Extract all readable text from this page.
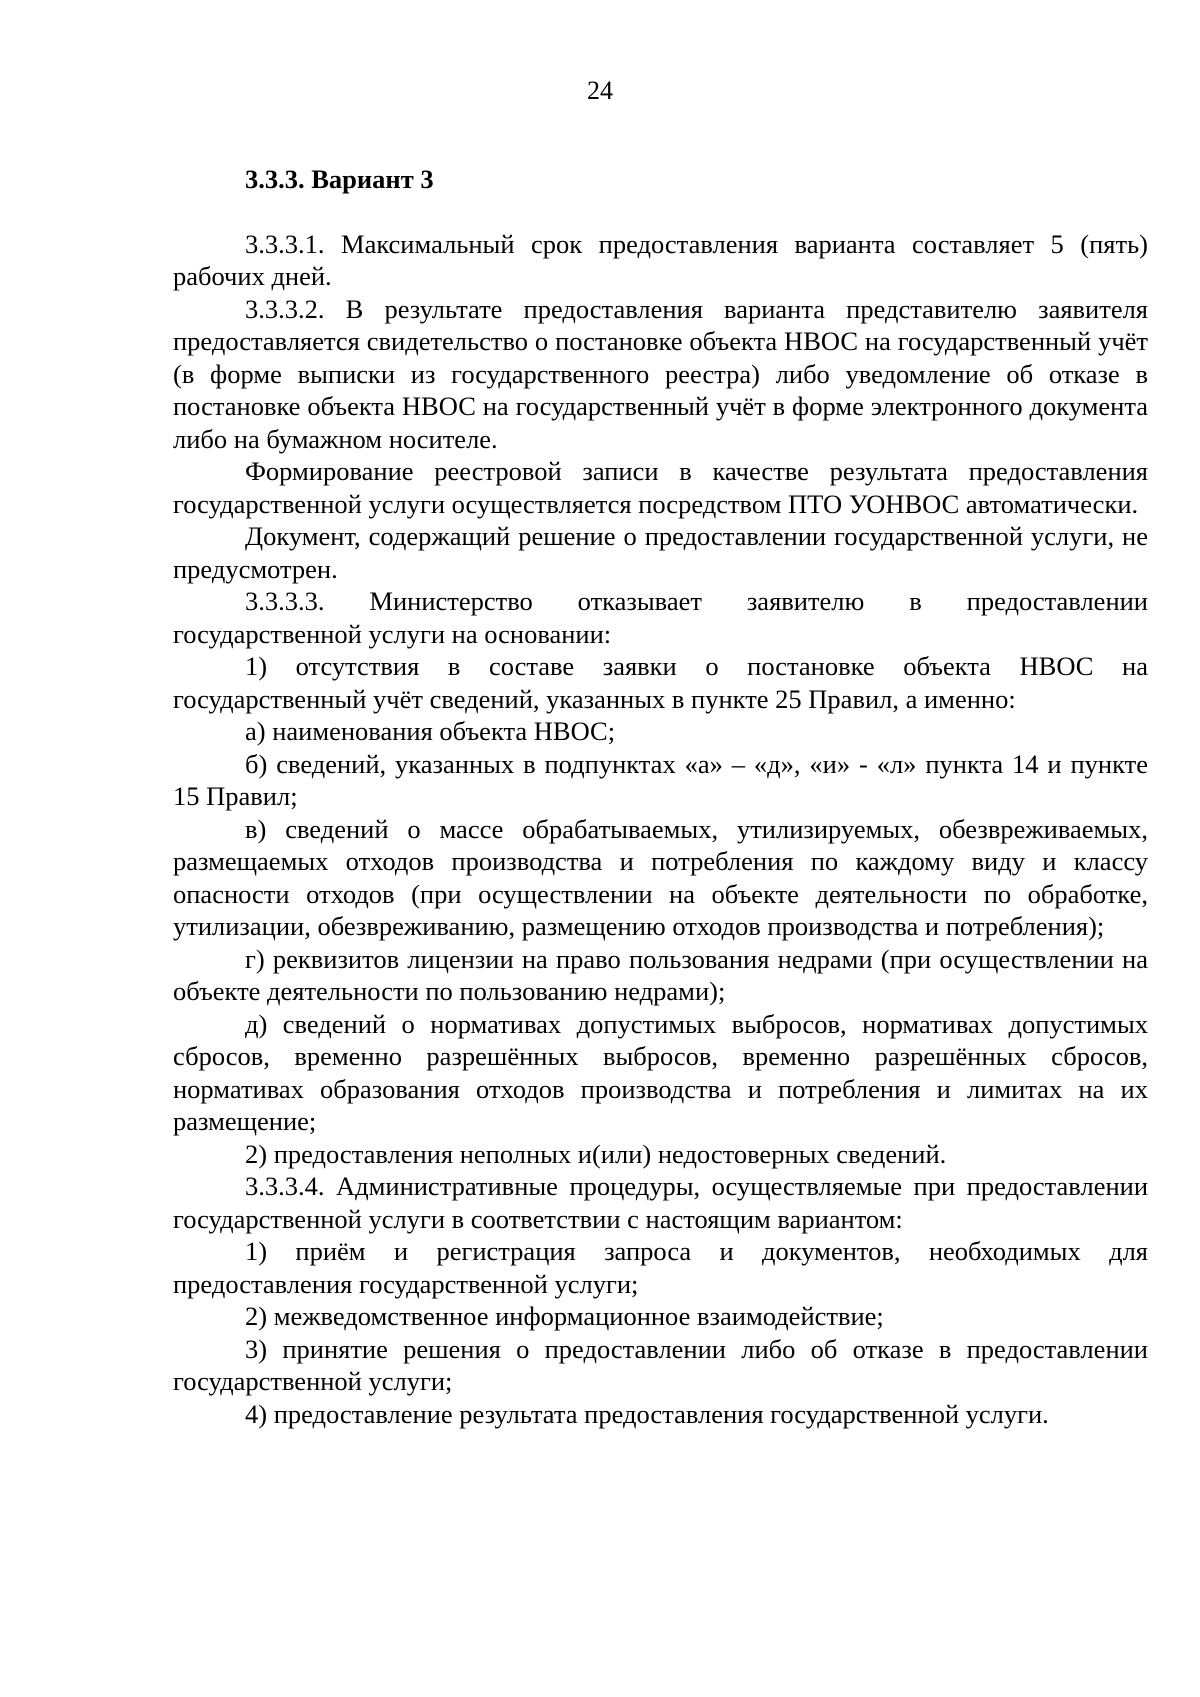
24

3.3.3. Вариант 3

3.3.3.1. Максимальный срок предоставления варианта составляет 5 (пять) рабочих дней.

3.3.3.2. В результате предоставления варианта представителю заявителя предоставляется свидетельство о постановке объекта НВОС на государственный учёт (в форме выписки из государственного реестра) либо уведомление об отказе в постановке объекта НВОС на государственный учёт в форме электронного документа либо на бумажном носителе.

Формирование реестровой записи в качестве результата предоставления государственной услуги осуществляется посредством ПТО УОНВОС автоматически.

Документ, содержащий решение о предоставлении государственной услуги, не предусмотрен.

3.3.3.3. Министерство отказывает заявителю в предоставлении государственной услуги на основании:

1) отсутствия в составе заявки о постановке объекта НВОС на государственный учёт сведений, указанных в пункте 25 Правил, а именно:

а) наименования объекта НВОС;

б) сведений, указанных в подпунктах «а» – «д», «и» - «л» пункта 14 и пункте 15 Правил;

в) сведений о массе обрабатываемых, утилизируемых, обезвреживаемых, размещаемых отходов производства и потребления по каждому виду и классу опасности отходов (при осуществлении на объекте деятельности по обработке, утилизации, обезвреживанию, размещению отходов производства и потребления);

г) реквизитов лицензии на право пользования недрами (при осуществлении на объекте деятельности по пользованию недрами);

д) сведений о нормативах допустимых выбросов, нормативах допустимых сбросов, временно разрешённых выбросов, временно разрешённых сбросов, нормативах образования отходов производства и потребления и лимитах на их размещение;

2) предоставления неполных и(или) недостоверных сведений.

3.3.3.4. Административные процедуры, осуществляемые при предоставлении государственной услуги в соответствии с настоящим вариантом:

1) приём и регистрация запроса и документов, необходимых для предоставления государственной услуги;

2) межведомственное информационное взаимодействие;

3) принятие решения о предоставлении либо об отказе в предоставлении государственной услуги;

4) предоставление результата предоставления государственной услуги.
